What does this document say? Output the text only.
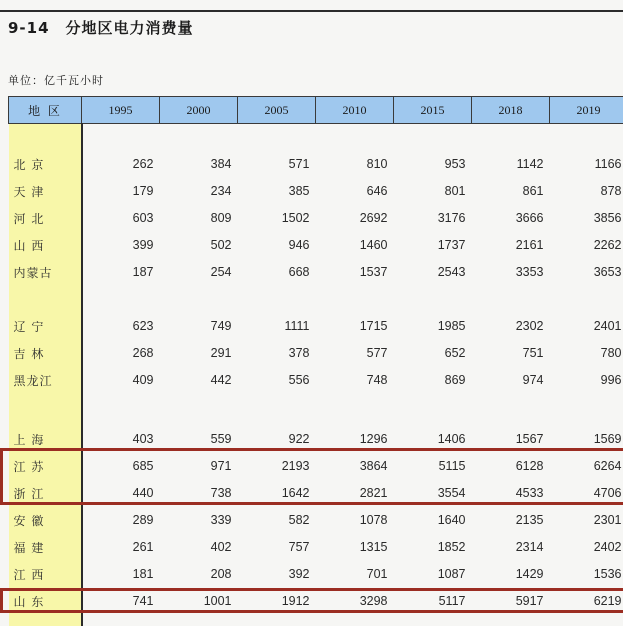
9-14 分地区电力消费量
单位：亿千瓦小时
地 区	1995	2000	2005	2010	2015	2018	2019

北 京	262	384	571	810	953	1142	1166
天 津	179	234	385	646	801	861	878
河 北	603	809	1502	2692	3176	3666	3856
山 西	399	502	946	1460	1737	2161	2262
内蒙古	187	254	668	1537	2543	3353	3653

辽 宁	623	749	1111	1715	1985	2302	2401
吉 林	268	291	378	577	652	751	780
黑龙江	409	442	556	748	869	974	996

上 海	403	559	922	1296	1406	1567	1569
江 苏	685	971	2193	3864	5115	6128	6264
浙 江	440	738	1642	2821	3554	4533	4706
安 徽	289	339	582	1078	1640	2135	2301
福 建	261	402	757	1315	1852	2314	2402
江 西	181	208	392	701	1087	1429	1536
山 东	741	1001	1912	3298	5117	5917	6219
